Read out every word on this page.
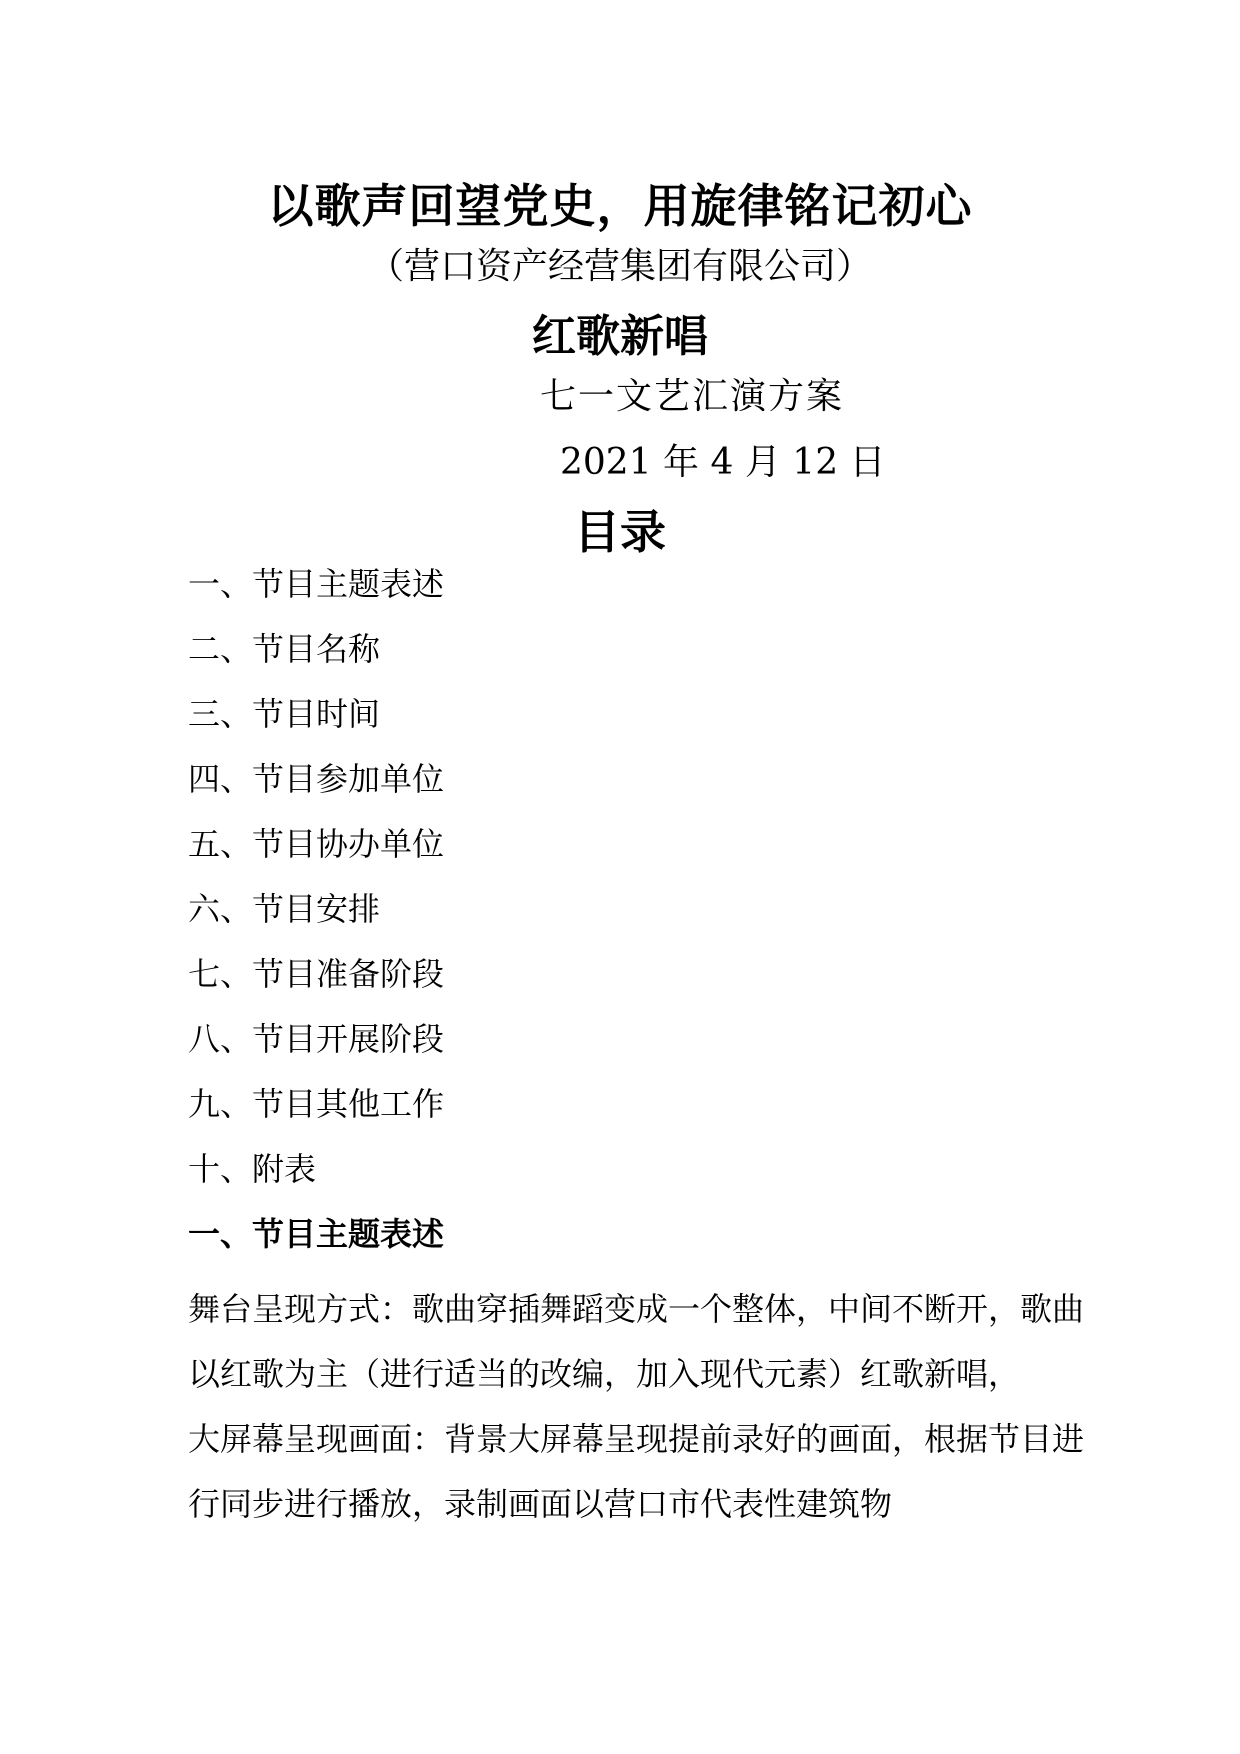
以歌声回望党史，用旋律铭记初心
（营口资产经营集团有限公司）
红歌新唱
七一文艺汇演方案
2021 年 4 月 12 日
目录
一、节目主题表述
二、节目名称
三、节目时间
四、节目参加单位
五、节目协办单位
六、节目安排
七、节目准备阶段
八、节目开展阶段
九、节目其他工作
十、附表
一、节目主题表述

舞台呈现方式：歌曲穿插舞蹈变成一个整体，中间不断开，歌曲以红歌为主（进行适当的改编，加入现代元素）红歌新唱，

大屏幕呈现画面：背景大屏幕呈现提前录好的画面，根据节目进行同步进行播放，录制画面以营口市代表性建筑物
